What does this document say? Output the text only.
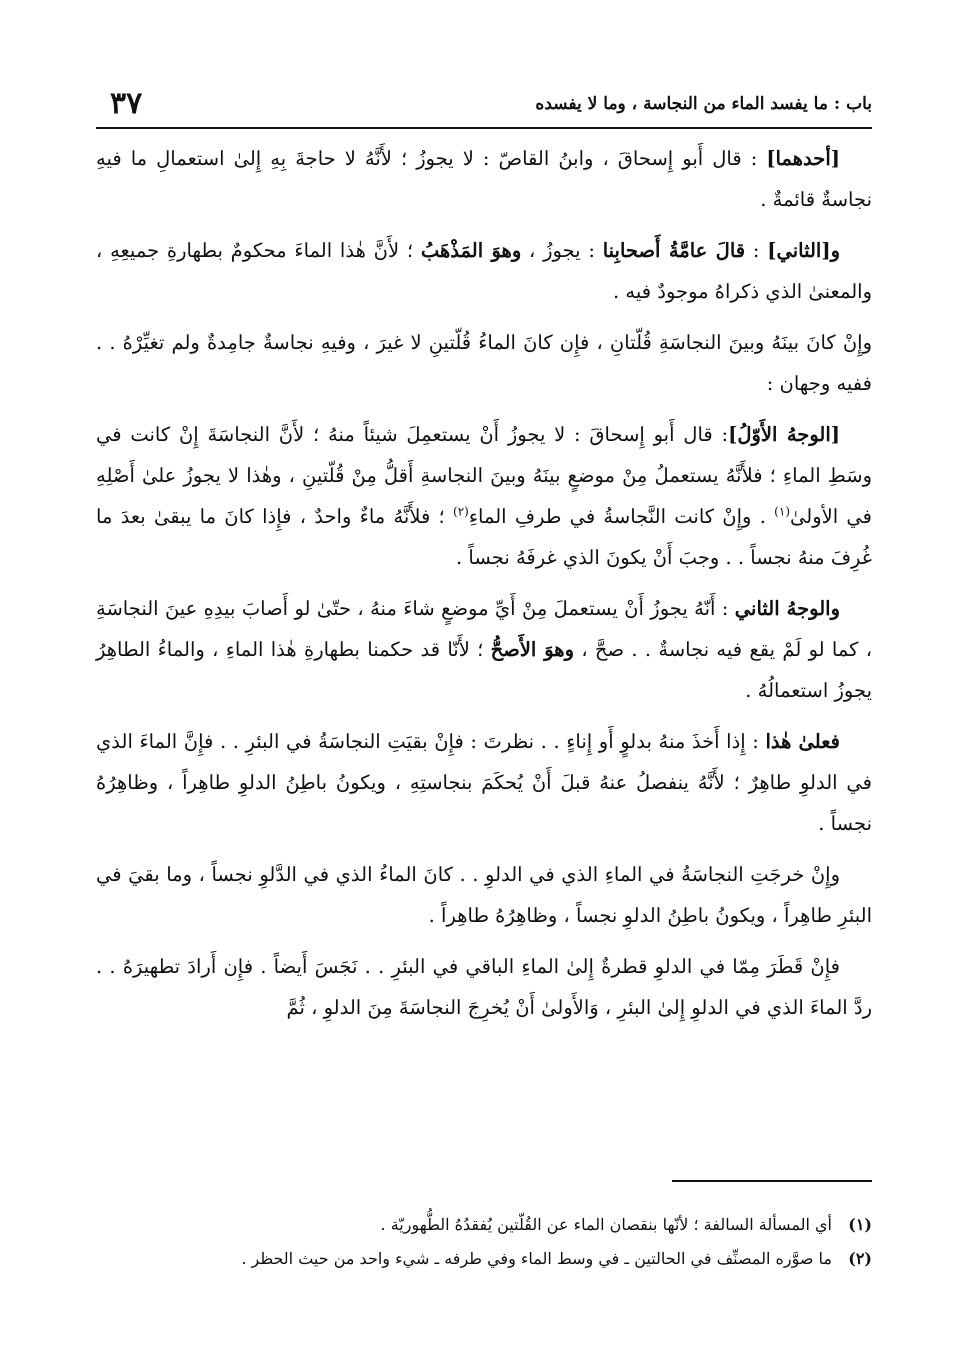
باب : ما يفسد الماء من النجاسة ، وما لا يفسده
٣٧

[أحدهما] : قال أَبو إِسحاقَ ، وابنُ القاصّ : لا يجوزُ ؛ لأَنَّهُ لا حاجةَ بِهِ إِلىٰ استعمالِ ما فيهِ نجاسةٌ قائمةٌ .

و[الثاني] : قالَ عامَّةُ أَصحابِنا : يجوزُ ، وهوَ المَذْهَبُ ؛ لأَنَّ هٰذا الماءَ محكومٌ بطهارةِ جميعِهِ ، والمعنىٰ الذي ذكراهُ موجودٌ فيه .

وإِنْ كانَ بينَهُ وبينَ النجاسَةِ قُلّتانِ ، فإِن كانَ الماءُ قُلّتينِ لا غيرَ ، وفيهِ نجاسةٌ جامِدةٌ ولم تغيِّرْهُ . . ففيه وجهان :

[الوجهُ الأَوّلُ]: قال أَبو إِسحاقَ : لا يجوزُ أَنْ يستعمِلَ شيئاً منهُ ؛ لأَنَّ النجاسَةَ إِنْ كانت في وسَطِ الماءِ ؛ فلأَنَّهُ يستعملُ مِنْ موضعٍ بينَهُ وبينَ النجاسةِ أَقلُّ مِنْ قُلّتينِ ، وهٰذا لا يجوزُ علىٰ أَصْلِهِ في الأولىٰ$^{(١)}$ . وإِنْ كانت النَّجاسةُ في طرفِ الماءِ$^{(٢)}$ ؛ فلأَنَّهُ ماءٌ واحدٌ ، فإِذا كانَ ما يبقىٰ بعدَ ما غُرِفَ منهُ نجساً . . وجبَ أَنْ يكونَ الذي غرفَهُ نجساً .

والوجهُ الثاني : أَنّهُ يجوزُ أَنْ يستعملَ مِنْ أَيِّ موضعٍ شاءَ منهُ ، حتّىٰ لو أَصابَ بيدِهِ عينَ النجاسَةِ ، كما لو لَمْ يقع فيه نجاسةٌ . . صحَّ ، وهوَ الأَصحُّ ؛ لأَنّا قد حكمنا بطهارةِ هٰذا الماءِ ، والماءُ الطاهِرُ يجوزُ استعمالُهُ .

فعلىٰ هٰذا : إِذا أَخذَ منهُ بدلوٍ أَو إِناءٍ . . نظرتَ : فإِنْ بقيَتِ النجاسَةُ في البئرِ . . فإِنَّ الماءَ الذي في الدلوِ طاهِرٌ ؛ لأَنَّهُ ينفصلُ عنهُ قبلَ أَنْ يُحكَمَ بنجاستِهِ ، ويكونُ باطِنُ الدلوِ طاهِراً ، وظاهِرُهُ نجساً .

وإِنْ خرجَتِ النجاسَةُ في الماءِ الذي في الدلوِ . . كانَ الماءُ الذي في الدَّلوِ نجساً ، وما بقيَ في البئرِ طاهِراً ، ويكونُ باطِنُ الدلوِ نجساً ، وظاهِرُهُ طاهِراً .

فإِنْ قَطَرَ مِمّا في الدلوِ قطرةٌ إِلىٰ الماءِ الباقي في البئرِ . . نَجَسَ أَيضاً . فإِن أَرادَ تطهيرَهُ . . ردَّ الماءَ الذي في الدلوِ إِلىٰ البئرِ ، وَالأَولىٰ أَنْ يُخرِجَ النجاسَةَ مِنَ الدلوِ ، ثُمَّ

(١)أي المسألة السالفة ؛ لأنّها بنقصان الماء عن القُلّتين يُفقدُهُ الطُّهوريّة .
(٢)ما صوَّره المصنِّف في الحالتين ـ في وسط الماء وفي طرفه ـ شيء واحد من حيث الحظر .
